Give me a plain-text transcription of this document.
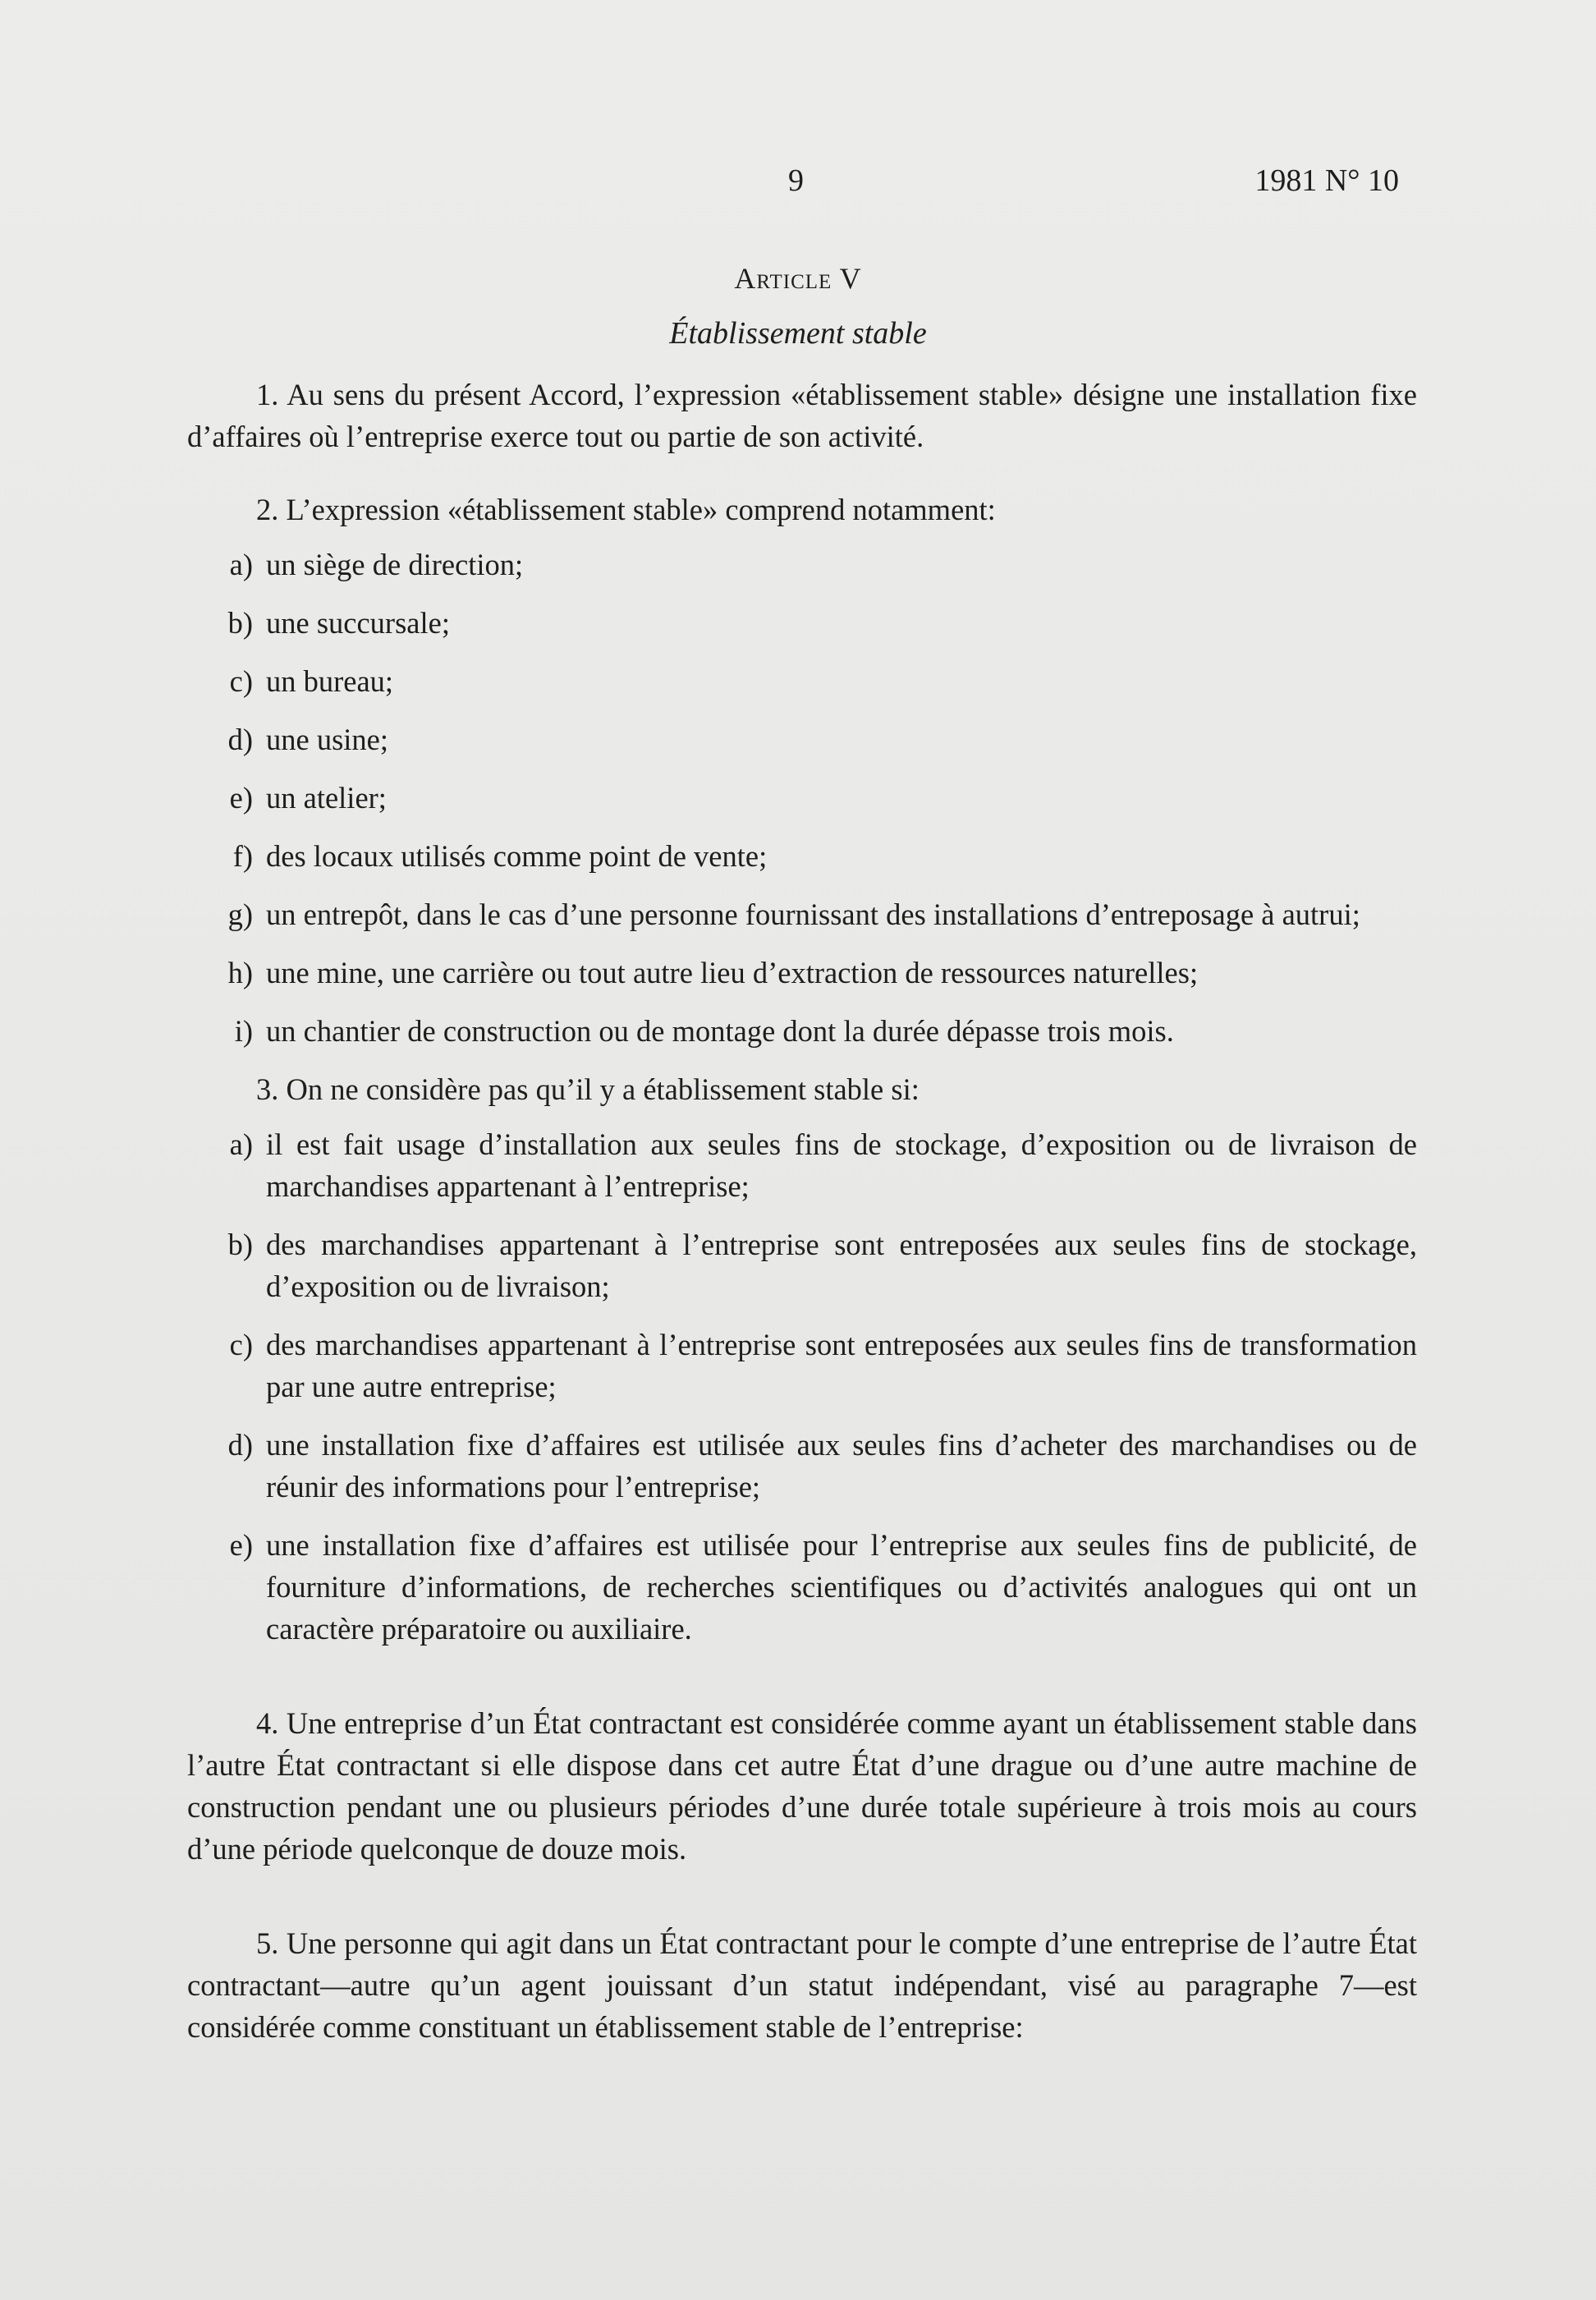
9	1981 N° 10
Article V
Établissement stable

1. Au sens du présent Accord, l’expression «établissement stable» désigne une installation fixe d’affaires où l’entreprise exerce tout ou partie de son activité.

2. L’expression «établissement stable» comprend notamment:

a) un siège de direction;
b) une succursale;
c) un bureau;
d) une usine;
e) un atelier;
f) des locaux utilisés comme point de vente;
g) un entrepôt, dans le cas d’une personne fournissant des installations d’entreposage à autrui;
h) une mine, une carrière ou tout autre lieu d’extraction de ressources naturelles;
i) un chantier de construction ou de montage dont la durée dépasse trois mois.

3. On ne considère pas qu’il y a établissement stable si:

a) il est fait usage d’installation aux seules fins de stockage, d’exposition ou de livraison de marchandises appartenant à l’entreprise;
b) des marchandises appartenant à l’entreprise sont entreposées aux seules fins de stockage, d’exposition ou de livraison;
c) des marchandises appartenant à l’entreprise sont entreposées aux seules fins de transformation par une autre entreprise;
d) une installation fixe d’affaires est utilisée aux seules fins d’acheter des marchandises ou de réunir des informations pour l’entreprise;
e) une installation fixe d’affaires est utilisée pour l’entreprise aux seules fins de publicité, de fourniture d’informations, de recherches scientifiques ou d’activités analogues qui ont un caractère préparatoire ou auxiliaire.

4. Une entreprise d’un État contractant est considérée comme ayant un établissement stable dans l’autre État contractant si elle dispose dans cet autre État d’une drague ou d’une autre machine de construction pendant une ou plusieurs périodes d’une durée totale supérieure à trois mois au cours d’une période quelconque de douze mois.

5. Une personne qui agit dans un État contractant pour le compte d’une entreprise de l’autre État contractant—autre qu’un agent jouissant d’un statut indépendant, visé au paragraphe 7—est considérée comme constituant un établissement stable de l’entreprise:
